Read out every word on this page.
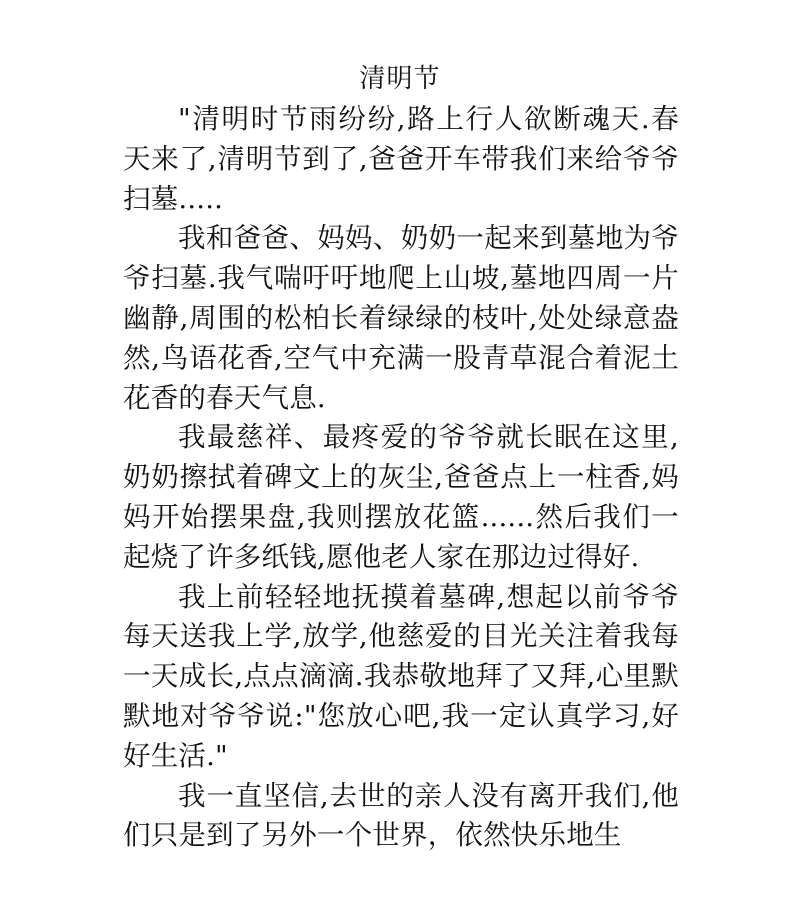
清明节

"清明时节雨纷纷,路上行人欲断魂天.春天来了,清明节到了,爸爸开车带我们来给爷爷扫墓.....

我和爸爸、妈妈、奶奶一起来到墓地为爷爷扫墓.我气喘吁吁地爬上山坡,墓地四周一片幽静,周围的松柏长着绿绿的枝叶,处处绿意盎然,鸟语花香,空气中充满一股青草混合着泥土花香的春天气息.

我最慈祥、最疼爱的爷爷就长眠在这里,奶奶擦拭着碑文上的灰尘,爸爸点上一柱香,妈妈开始摆果盘,我则摆放花篮......然后我们一起烧了许多纸钱,愿他老人家在那边过得好.

我上前轻轻地抚摸着墓碑,想起以前爷爷每天送我上学,放学,他慈爱的目光关注着我每一天成长,点点滴滴.我恭敬地拜了又拜,心里默默地对爷爷说:"您放心吧,我一定认真学习,好好生活."

我一直坚信,去世的亲人没有离开我们,他们只是到了另外一个世界，依然快乐地生
